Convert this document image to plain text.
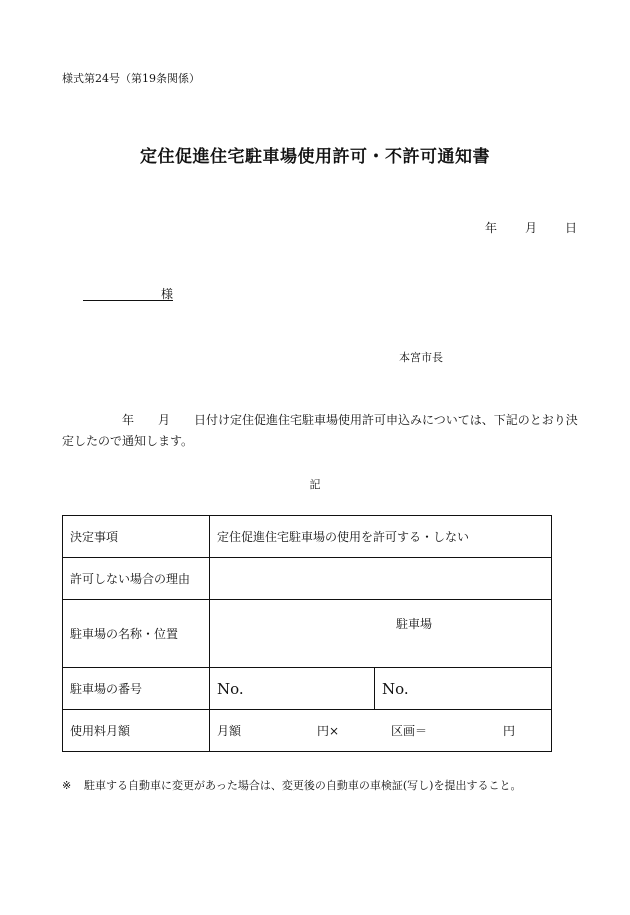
様式第24号（第19条関係）
定住促進住宅駐車場使用許可・不許可通知書
年 月 日
様
本宮市長
　　　　　年　　月　　日付け定住促進住宅駐車場使用許可申込みについては、下記のとおり決定したので通知します。
記
決定事項	定住促進住宅駐車場の使用を許可する・しない	
許可しない場合の理由		
駐車場の名称・位置	駐車場	
駐車場の番号	No.	No.
使用料月額	月額 円× 区画＝ 円	
※ 駐車する自動車に変更があった場合は、変更後の自動車の車検証(写し)を提出すること。
